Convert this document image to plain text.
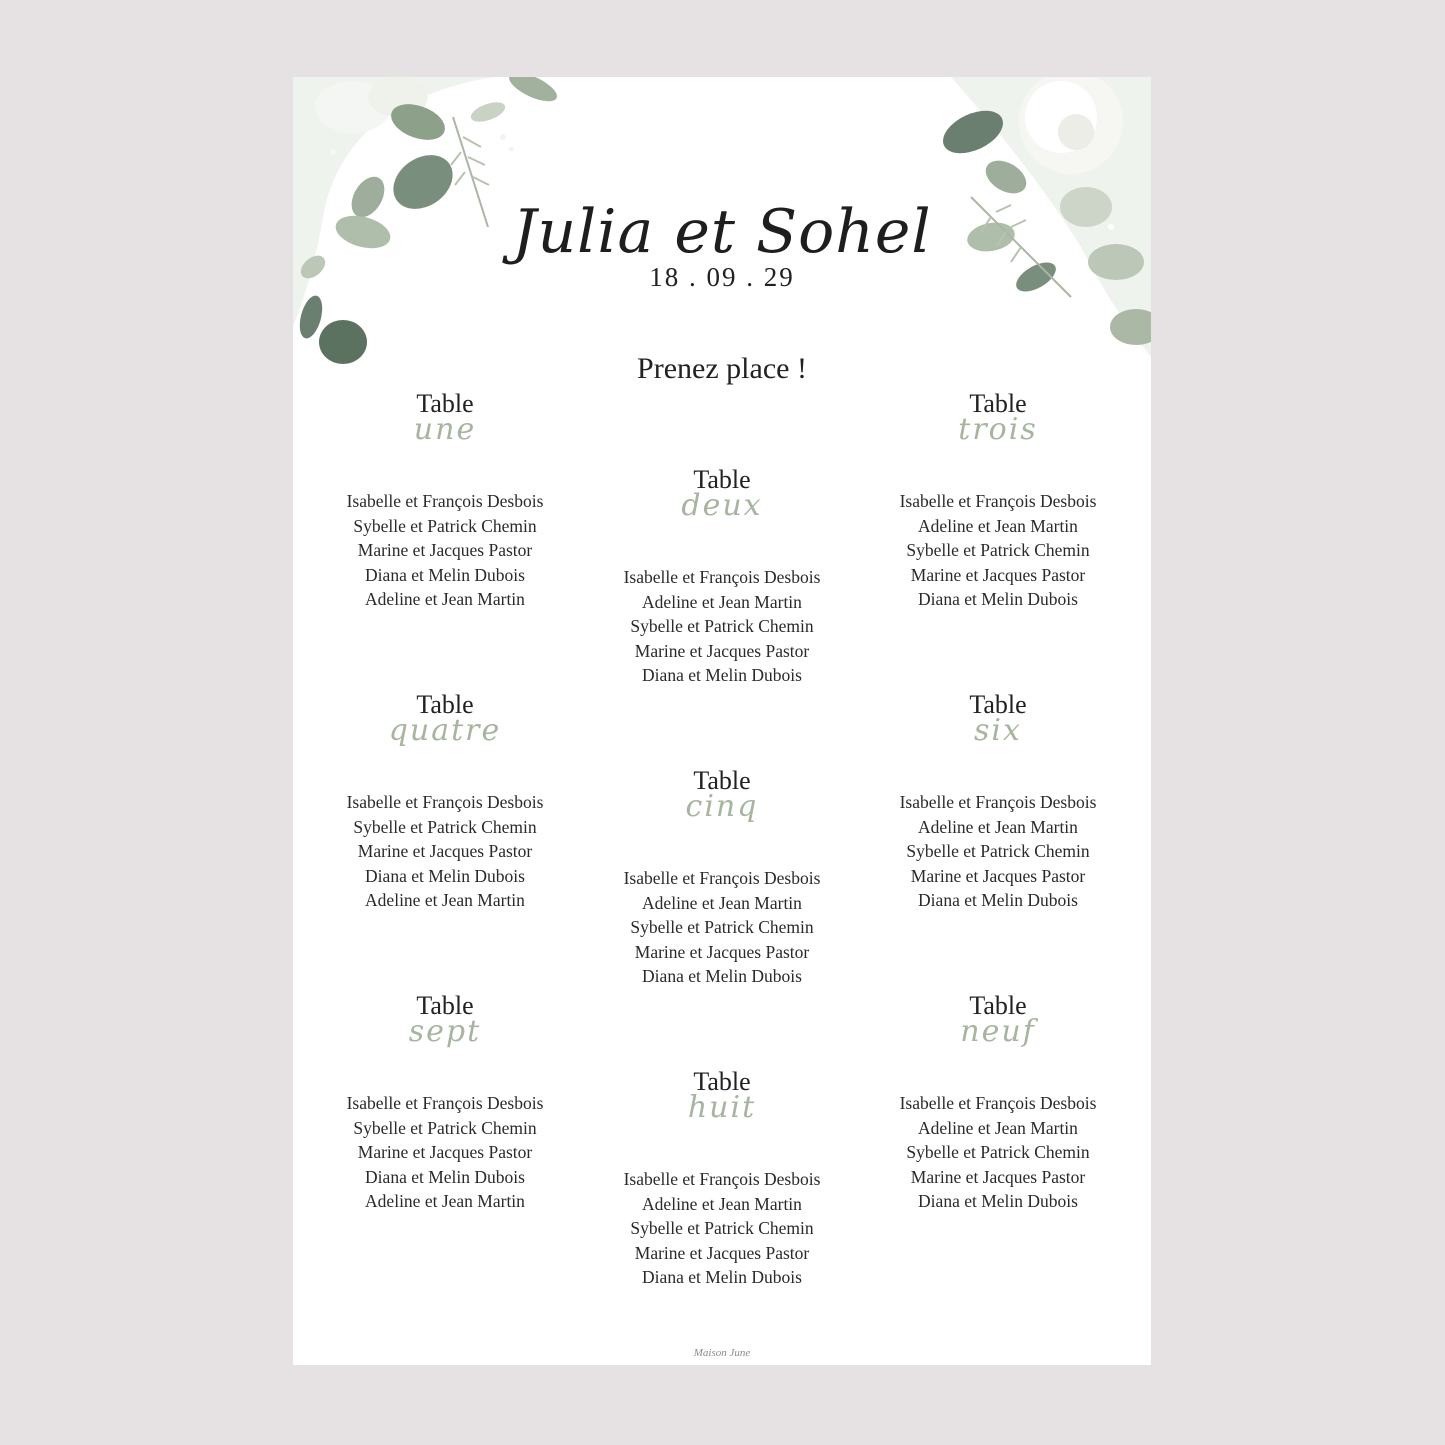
Julia et Sohel
18 . 09 . 29
Prenez place !
Table
une
Isabelle et François Desbois
Sybelle et Patrick Chemin
Marine et Jacques Pastor
Diana et Melin Dubois
Adeline et Jean Martin
Table
quatre
Isabelle et François Desbois
Sybelle et Patrick Chemin
Marine et Jacques Pastor
Diana et Melin Dubois
Adeline et Jean Martin
Table
sept
Isabelle et François Desbois
Sybelle et Patrick Chemin
Marine et Jacques Pastor
Diana et Melin Dubois
Adeline et Jean Martin
Table
deux
Isabelle et François Desbois
Adeline et Jean Martin
Sybelle et Patrick Chemin
Marine et Jacques Pastor
Diana et Melin Dubois
Table
cinq
Isabelle et François Desbois
Adeline et Jean Martin
Sybelle et Patrick Chemin
Marine et Jacques Pastor
Diana et Melin Dubois
Table
huit
Isabelle et François Desbois
Adeline et Jean Martin
Sybelle et Patrick Chemin
Marine et Jacques Pastor
Diana et Melin Dubois
Table
trois
Isabelle et François Desbois
Adeline et Jean Martin
Sybelle et Patrick Chemin
Marine et Jacques Pastor
Diana et Melin Dubois
Table
six
Isabelle et François Desbois
Adeline et Jean Martin
Sybelle et Patrick Chemin
Marine et Jacques Pastor
Diana et Melin Dubois
Table
neuf
Isabelle et François Desbois
Adeline et Jean Martin
Sybelle et Patrick Chemin
Marine et Jacques Pastor
Diana et Melin Dubois
Maison June
